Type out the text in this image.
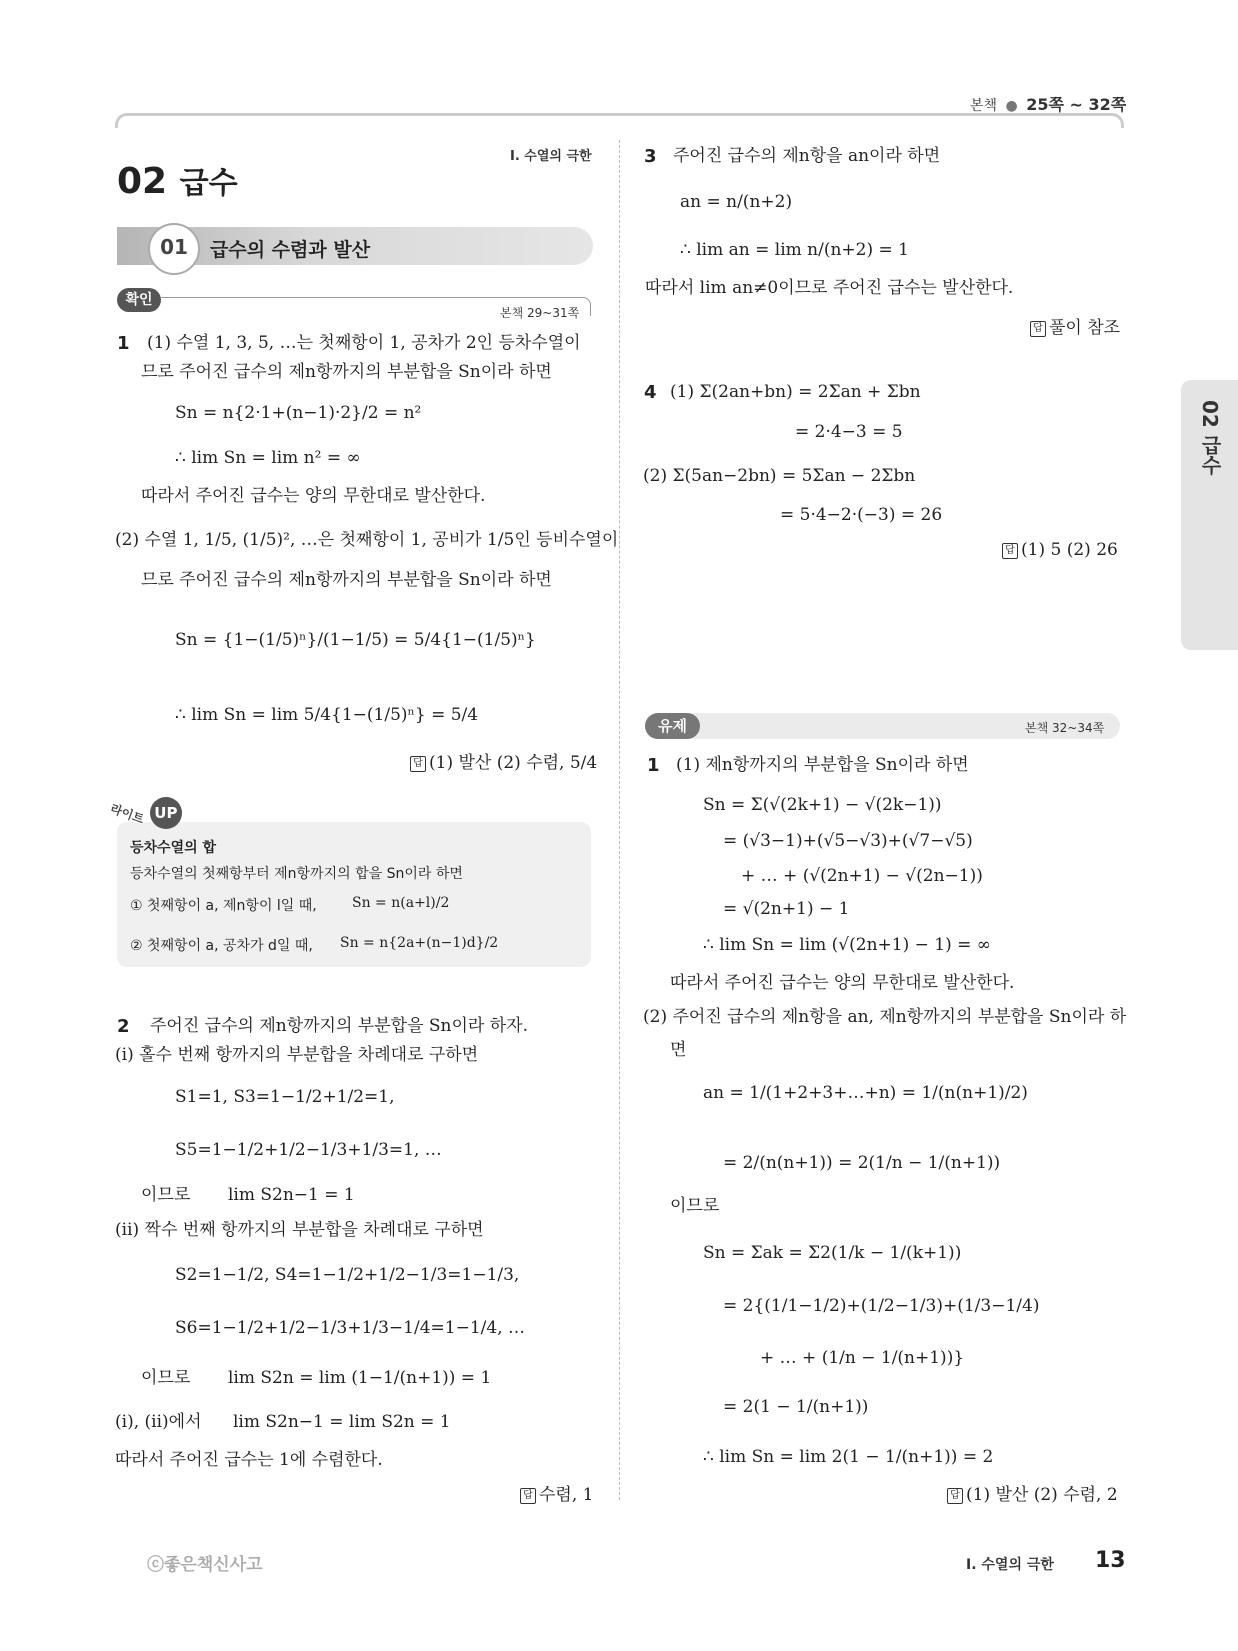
본책 ● 25쪽 ~ 32쪽
02 급수
Ⅰ. 수열의 극한
02 급수
01	급수의 수렴과 발산
확인
본책 29~31쪽
1 (1) 수열 1, 3, 5, …는 첫째항이 1, 공차가 2인 등차수열이
므로 주어진 급수의 제n항까지의 부분합을 Sn이라 하면
Sn = n{2·1+(n−1)·2}/2 = n²
∴ lim Sn = lim n² = ∞
따라서 주어진 급수는 양의 무한대로 발산한다.
(2) 수열 1, 1/5, (1/5)², …은 첫째항이 1, 공비가 1/5인 등비수열이
므로 주어진 급수의 제n항까지의 부분합을 Sn이라 하면
Sn = {1−(1/5)ⁿ}/(1−1/5) = 5/4{1−(1/5)ⁿ}
∴ lim Sn = lim 5/4{1−(1/5)ⁿ} = 5/4
답 (1) 발산 (2) 수렴, 5/4
라이트 UP
등차수열의 합
등차수열의 첫째항부터 제n항까지의 합을 Sn이라 하면
① 첫째항이 a, 제n항이 l일 때,	Sn = n(a+l)/2
② 첫째항이 a, 공차가 d일 때, Sn = n{2a+(n−1)d}/2
2 주어진 급수의 제n항까지의 부분합을 Sn이라 하자.
(ⅰ) 홀수 번째 항까지의 부분합을 차례대로 구하면
S1=1, S3=1−1/2+1/2=1,
S5=1−1/2+1/2−1/3+1/3=1, …
이므로 lim S2n−1 = 1
(ⅱ) 짝수 번째 항까지의 부분합을 차례대로 구하면
S2=1−1/2, S4=1−1/2+1/2−1/3=1−1/3,
S6=1−1/2+1/2−1/3+1/3−1/4=1−1/4, …
이므로 lim S2n = lim (1−1/(n+1)) = 1
(ⅰ), (ⅱ)에서 lim S2n−1 = lim S2n = 1
따라서 주어진 급수는 1에 수렴한다.
답 수렴, 1
3 주어진 급수의 제n항을 an이라 하면
an = n/(n+2)
∴ lim an = lim n/(n+2) = 1
따라서 lim an≠0이므로 주어진 급수는 발산한다.
답 풀이 참조
4 (1) Σ(2an+bn) = 2Σan + Σbn
= 2·4−3 = 5
(2) Σ(5an−2bn) = 5Σan − 2Σbn
= 5·4−2·(−3) = 26
답 (1) 5 (2) 26
유제	본책 32~34쪽
1 (1) 제n항까지의 부분합을 Sn이라 하면
Sn = Σ(√(2k+1) − √(2k−1))
= (√3−1)+(√5−√3)+(√7−√5)
+ … + (√(2n+1) − √(2n−1))
= √(2n+1) − 1
∴ lim Sn = lim (√(2n+1) − 1) = ∞
따라서 주어진 급수는 양의 무한대로 발산한다.
(2) 주어진 급수의 제n항을 an, 제n항까지의 부분합을 Sn이라 하
면
an = 1/(1+2+3+…+n) = 1/(n(n+1)/2)
= 2/(n(n+1)) = 2(1/n − 1/(n+1))
이므로
Sn = Σak = Σ2(1/k − 1/(k+1))
= 2{(1/1−1/2)+(1/2−1/3)+(1/3−1/4)
+ … + (1/n − 1/(n+1))}
= 2(1 − 1/(n+1))
∴ lim Sn = lim 2(1 − 1/(n+1)) = 2
답 (1) 발산 (2) 수렴, 2
ⓒ좋은책신사고	Ⅰ. 수열의 극한 13
